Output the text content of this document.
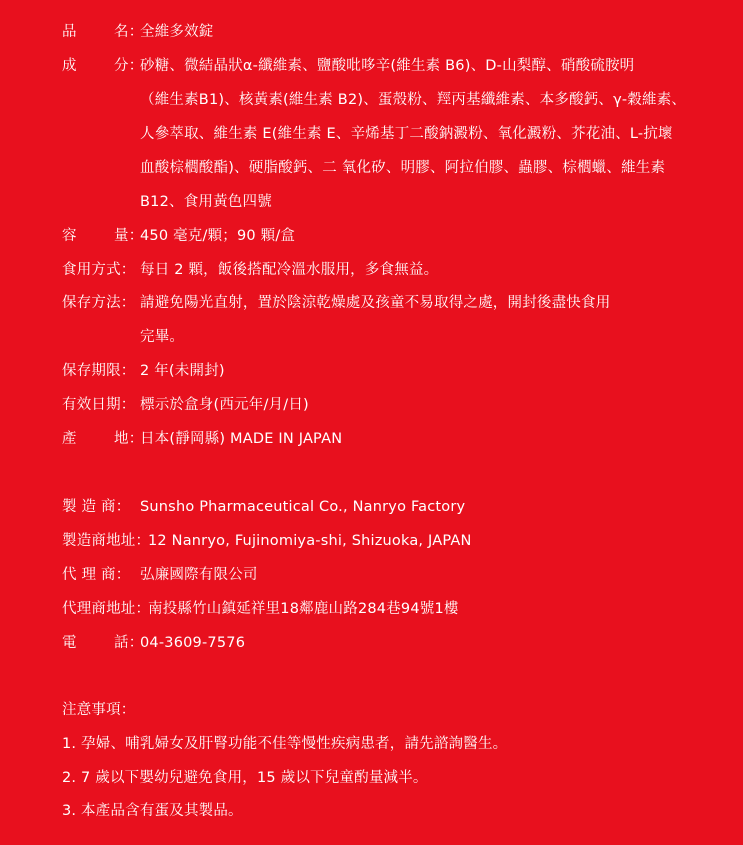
品	名：
全維多效錠
成	分：
砂糖、微結晶狀α-纖維素、鹽酸吡哆辛(維生素 B6)、D-山梨醇、硝酸硫胺明
（維生素B1)、核黃素(維生素 B2)、蛋殼粉、羥丙基纖維素、本多酸鈣、γ-穀維素、
人參萃取、維生素 E(維生素 E、辛烯基丁二酸鈉澱粉、氧化澱粉、芥花油、L-抗壞
血酸棕櫚酸酯)、硬脂酸鈣、二 氧化矽、明膠、阿拉伯膠、蟲膠、棕櫚蠟、維生素
B12、食用黃色四號
容	量：
450 毫克/顆；90 顆/盒
食用方式： 每日 2 顆，飯後搭配冷溫水服用，多食無益。
保存方法： 請避免陽光直射，置於陰涼乾燥處及孩童不易取得之處，開封後盡快食用
完畢。
保存期限： 2 年(未開封)
有效日期： 標示於盒身(西元年/月/日)
產	地：
日本(靜岡縣) MADE IN JAPAN
製 造 商： Sunsho Pharmaceutical Co., Nanryo Factory
製造商地址：
12 Nanryo, Fujinomiya-shi, Shizuoka, JAPAN
代 理 商： 弘廉國際有限公司
代理商地址：
南投縣竹山鎮延祥里18鄰鹿山路284巷94號1樓
電	話：
04-3609-7576
注意事項：
1. 孕婦、哺乳婦女及肝腎功能不佳等慢性疾病患者，請先諮詢醫生。
2. 7 歲以下嬰幼兒避免食用，15 歲以下兒童酌量減半。
3. 本產品含有蛋及其製品。
